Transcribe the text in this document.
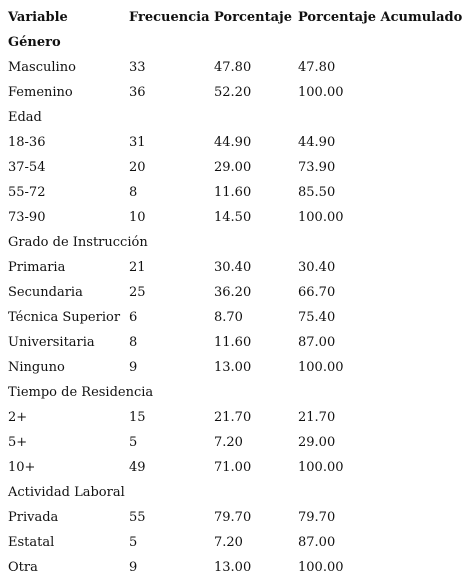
Variable	Frecuencia	Porcentaje	Porcentaje Acumulado
Género			
Masculino	33	47.80	47.80
Femenino	36	52.20	100.00
Edad			
18-36	31	44.90	44.90
37-54	20	29.00	73.90
55-72	8	11.60	85.50
73-90	10	14.50	100.00
Grado de Instrucción			
Primaria	21	30.40	30.40
Secundaria	25	36.20	66.70
Técnica Superior	6	8.70	75.40
Universitaria	8	11.60	87.00
Ninguno	9	13.00	100.00
Tiempo de Residencia			
2+	15	21.70	21.70
5+	5	7.20	29.00
10+	49	71.00	100.00
Actividad Laboral			
Privada	55	79.70	79.70
Estatal	5	7.20	87.00
Otra	9	13.00	100.00
